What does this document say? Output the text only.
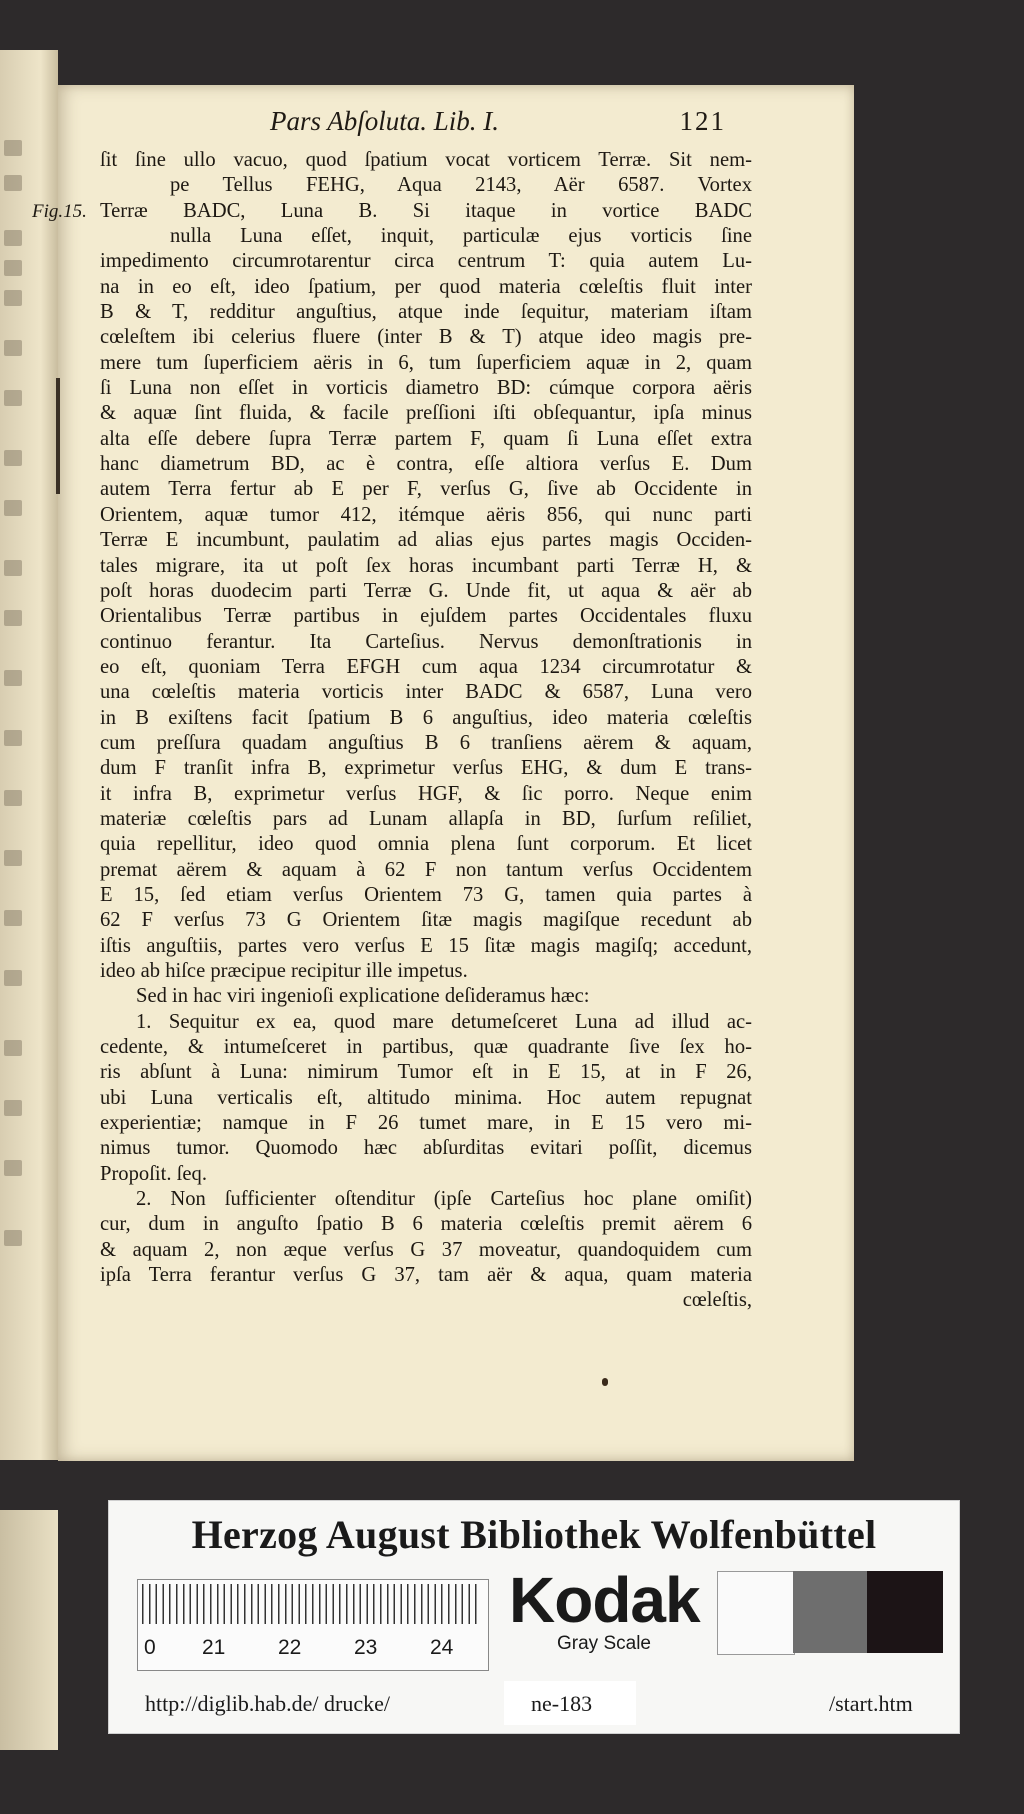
Pars Abſoluta. Lib. I.	121
ſit ſine ullo vacuo, quod ſpatium vocat vorticem Terræ. Sit nem-
pe Tellus FEHG, Aqua 2143, Aër 6587. Vortex
Fig.15. Terræ BADC, Luna B. Si itaque in vortice BADC
nulla Luna eſſet, inquit, particulæ ejus vorticis ſine
impedimento circumrotarentur circa centrum T: quia autem Lu-
na in eo eſt, ideo ſpatium, per quod materia cœleſtis fluit inter
B & T, redditur anguſtius, atque inde ſequitur, materiam iſtam
cœleſtem ibi celerius fluere (inter B & T) atque ideo magis pre-
mere tum ſuperficiem aëris in 6, tum ſuperficiem aquæ in 2, quam
ſi Luna non eſſet in vorticis diametro BD: cúmque corpora aëris
& aquæ ſint fluida, & facile preſſioni iſti obſequantur, ipſa minus
alta eſſe debere ſupra Terræ partem F, quam ſi Luna eſſet extra
hanc diametrum BD, ac è contra, eſſe altiora verſus E. Dum
autem Terra fertur ab E per F, verſus G, ſive ab Occidente in
Orientem, aquæ tumor 412, itémque aëris 856, qui nunc parti
Terræ E incumbunt, paulatim ad alias ejus partes magis Occiden-
tales migrare, ita ut poſt ſex horas incumbant parti Terræ H, &
poſt horas duodecim parti Terræ G. Unde fit, ut aqua & aër ab
Orientalibus Terræ partibus in ejuſdem partes Occidentales fluxu
continuo ferantur. Ita Carteſius. Nervus demonſtrationis in
eo eſt, quoniam Terra EFGH cum aqua 1234 circumrotatur &
una cœleſtis materia vorticis inter BADC & 6587, Luna vero
in B exiſtens facit ſpatium B 6 anguſtius, ideo materia cœleſtis
cum preſſura quadam anguſtius B 6 tranſiens aërem & aquam,
dum F tranſit infra B, exprimetur verſus EHG, & dum E trans-
it infra B, exprimetur verſus HGF, & ſic porro. Neque enim
materiæ cœleſtis pars ad Lunam allapſa in BD, ſurſum reſiliet,
quia repellitur, ideo quod omnia plena ſunt corporum. Et licet
premat aërem & aquam à 62 F non tantum verſus Occidentem
E 15, ſed etiam verſus Orientem 73 G, tamen quia partes à
62 F verſus 73 G Orientem ſitæ magis magiſque recedunt ab
iſtis anguſtiis, partes vero verſus E 15 ſitæ magis magiſq; accedunt,
ideo ab hiſce præcipue recipitur ille impetus.
Sed in hac viri ingenioſi explicatione deſideramus hæc:
1. Sequitur ex ea, quod mare detumeſceret Luna ad illud ac-
cedente, & intumeſceret in partibus, quæ quadrante ſive ſex ho-
ris abſunt à Luna: nimirum Tumor eſt in E 15, at in F 26,
ubi Luna verticalis eſt, altitudo minima. Hoc autem repugnat
experientiæ; namque in F 26 tumet mare, in E 15 vero mi-
nimus tumor. Quomodo hæc abſurditas evitari poſſit, dicemus
Propoſit. ſeq.
2. Non ſufficienter oſtenditur (ipſe Carteſius hoc plane omiſit)
cur, dum in anguſto ſpatio B 6 materia cœleſtis premit aërem 6
& aquam 2, non æque verſus G 37 moveatur, quandoquidem cum
ipſa Terra ferantur verſus G 37, tam aër & aqua, quam materia
cœleſtis,
Herzog August Bibliothek Wolfenbüttel
0 21	22	23	24
Kodak
Gray Scale
http://diglib.hab.de/ drucke/	ne-183	/start.htm
